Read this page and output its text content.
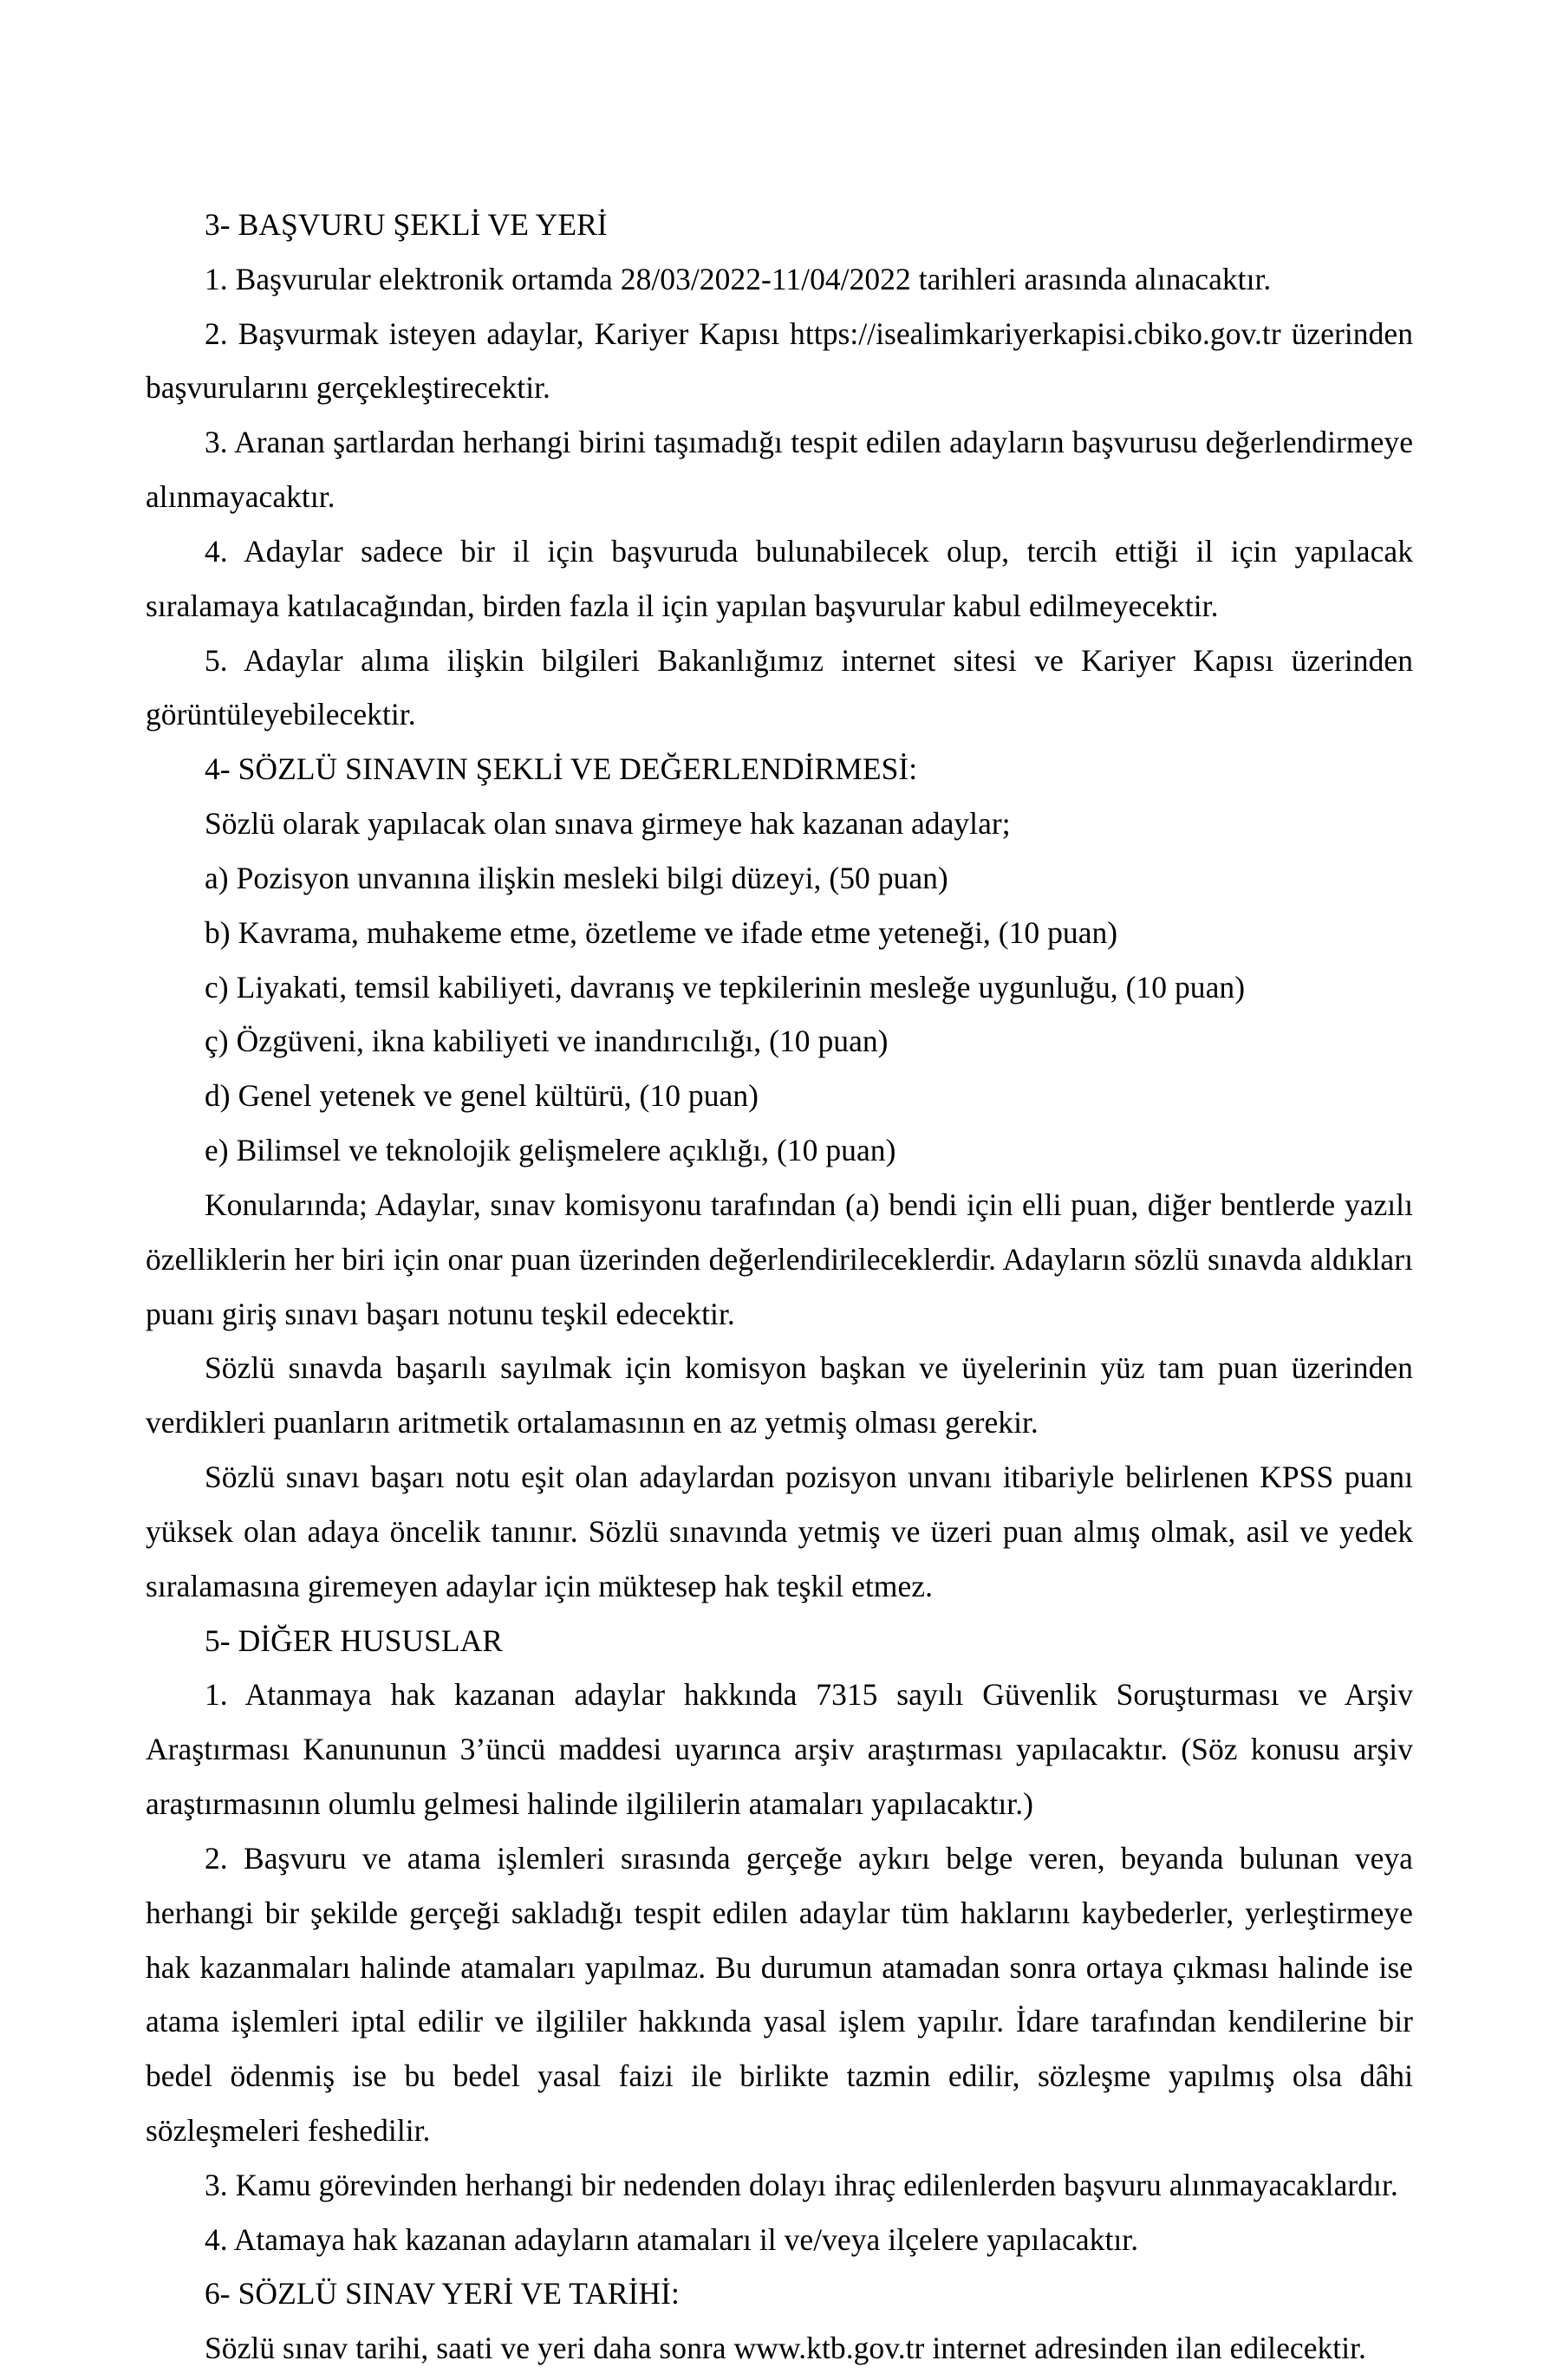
3- BAŞVURU ŞEKLİ VE YERİ

1. Başvurular elektronik ortamda 28/03/2022-11/04/2022 tarihleri arasında alınacaktır.

2. Başvurmak isteyen adaylar, Kariyer Kapısı https://isealimkariyerkapisi.cbiko.gov.tr üzerinden başvurularını gerçekleştirecektir.

3. Aranan şartlardan herhangi birini taşımadığı tespit edilen adayların başvurusu değerlendirmeye alınmayacaktır.

4. Adaylar sadece bir il için başvuruda bulunabilecek olup, tercih ettiği il için yapılacak sıralamaya katılacağından, birden fazla il için yapılan başvurular kabul edilmeyecektir.

5. Adaylar alıma ilişkin bilgileri Bakanlığımız internet sitesi ve Kariyer Kapısı üzerinden görüntüleyebilecektir.

4- SÖZLÜ SINAVIN ŞEKLİ VE DEĞERLENDİRMESİ:

Sözlü olarak yapılacak olan sınava girmeye hak kazanan adaylar;

a) Pozisyon unvanına ilişkin mesleki bilgi düzeyi, (50 puan)

b) Kavrama, muhakeme etme, özetleme ve ifade etme yeteneği, (10 puan)

c) Liyakati, temsil kabiliyeti, davranış ve tepkilerinin mesleğe uygunluğu, (10 puan)

ç) Özgüveni, ikna kabiliyeti ve inandırıcılığı, (10 puan)

d) Genel yetenek ve genel kültürü, (10 puan)

e) Bilimsel ve teknolojik gelişmelere açıklığı, (10 puan)

Konularında; Adaylar, sınav komisyonu tarafından (a) bendi için elli puan, diğer bentlerde yazılı özelliklerin her biri için onar puan üzerinden değerlendirileceklerdir. Adayların sözlü sınavda aldıkları puanı giriş sınavı başarı notunu teşkil edecektir.

Sözlü sınavda başarılı sayılmak için komisyon başkan ve üyelerinin yüz tam puan üzerinden verdikleri puanların aritmetik ortalamasının en az yetmiş olması gerekir.

Sözlü sınavı başarı notu eşit olan adaylardan pozisyon unvanı itibariyle belirlenen KPSS puanı yüksek olan adaya öncelik tanınır. Sözlü sınavında yetmiş ve üzeri puan almış olmak, asil ve yedek sıralamasına giremeyen adaylar için müktesep hak teşkil etmez.

5- DİĞER HUSUSLAR

1. Atanmaya hak kazanan adaylar hakkında 7315 sayılı Güvenlik Soruşturması ve Arşiv Araştırması Kanununun 3’üncü maddesi uyarınca arşiv araştırması yapılacaktır. (Söz konusu arşiv araştırmasının olumlu gelmesi halinde ilgililerin atamaları yapılacaktır.)

2. Başvuru ve atama işlemleri sırasında gerçeğe aykırı belge veren, beyanda bulunan veya herhangi bir şekilde gerçeği sakladığı tespit edilen adaylar tüm haklarını kaybederler, yerleştirmeye hak kazanmaları halinde atamaları yapılmaz. Bu durumun atamadan sonra ortaya çıkması halinde ise atama işlemleri iptal edilir ve ilgililer hakkında yasal işlem yapılır. İdare tarafından kendilerine bir bedel ödenmiş ise bu bedel yasal faizi ile birlikte tazmin edilir, sözleşme yapılmış olsa dâhi sözleşmeleri feshedilir.

3. Kamu görevinden herhangi bir nedenden dolayı ihraç edilenlerden başvuru alınmayacaklardır.

4. Atamaya hak kazanan adayların atamaları il ve/veya ilçelere yapılacaktır.

6- SÖZLÜ SINAV YERİ VE TARİHİ:

Sözlü sınav tarihi, saati ve yeri daha sonra www.ktb.gov.tr internet adresinden ilan edilecektir.
